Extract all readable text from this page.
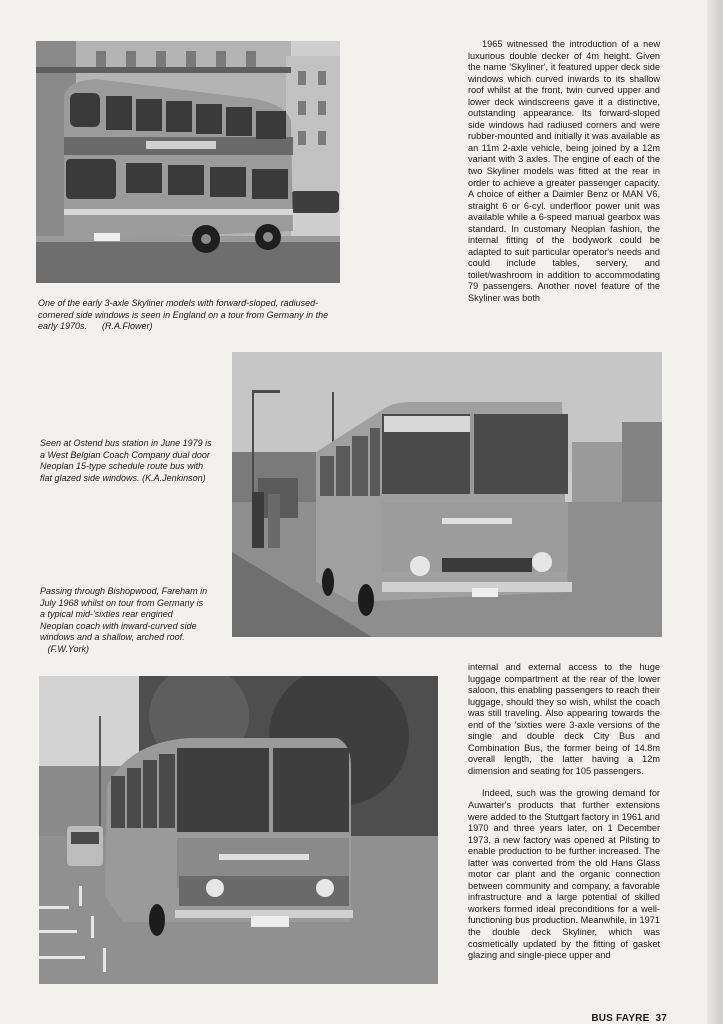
One of the early 3-axle Skyliner models with forward-sloped, radiused-cornered side windows is seen in England on a tour from Germany in the early 1970s. (R.A.Flower)
Seen at Ostend bus station in June 1979 is a West Belgian Coach Company dual door Neoplan 15-type schedule route bus with flat glazed side windows. (K.A.Jenkinson)
Passing through Bishopwood, Fareham in July 1968 whilst on tour from Germany is a typical mid-'sixties rear engined Neoplan coach with inward-curved side windows and a shallow, arched roof.   (F.W.York)

1965 witnessed the introduction of a new luxurious double decker of 4m height. Given the name 'Skyliner', it featured upper deck side windows which curved inwards to its shallow roof whilst at the front, twin curved upper and lower deck windscreens gave it a distinctive, outstanding appearance. Its forward-sloped side windows had radiused corners and were rubber-mounted and initially it was available as an 11m 2-axle vehicle, being joined by a 12m variant with 3 axles. The engine of each of the two Skyliner models was fitted at the rear in order to achieve a greater passenger capacity. A choice of either a Daimler Benz or MAN V6, straight 6 or 6-cyl. underfloor power unit was available while a 6-speed manual gearbox was standard. In customary Neoplan fashion, the internal fitting of the bodywork could be adapted to suit particular operator's needs and could include tables, servery, and toilet/washroom in addition to accommodating 79 passengers. Another novel feature of the Skyliner was both

internal and external access to the huge luggage compartment at the rear of the lower saloon, this enabling passengers to reach their luggage, should they so wish, whilst the coach was still traveling. Also appearing towards the end of the 'sixties were 3-axle versions of the single and double deck City Bus and Combination Bus, the former being of 14.8m overall length, the latter having a 12m dimension and seating for 105 passengers.

Indeed, such was the growing demand for Auwarter's products that further extensions were added to the Stuttgart factory in 1961 and 1970 and three years later, on 1 December 1973, a new factory was opened at Pilsting to enable production to be further increased. The latter was converted from the old Hans Glass motor car plant and the organic connection between community and company, a favorable infrastructure and a large potential of skilled workers formed ideal preconditions for a well-functioning bus production. Meanwhile, in 1971 the double deck Skyliner, which was cosmetically updated by the fitting of gasket glazing and single-piece upper and

BUS FAYRE 37
